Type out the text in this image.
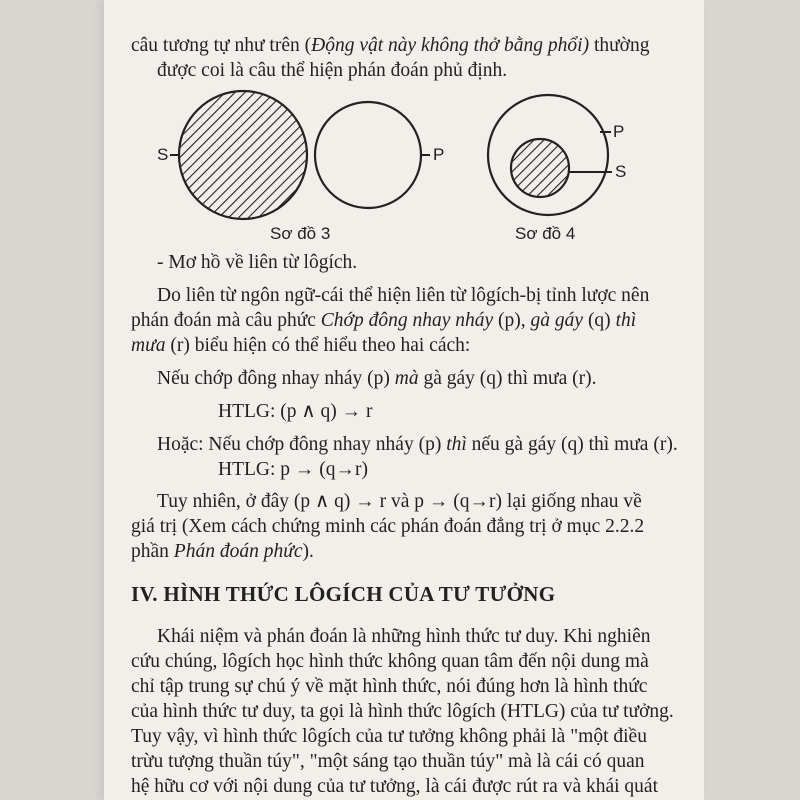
câu tương tự như trên (Động vật này không thở bằng phổi) thường

được coi là câu thể hiện phán đoán phủ định.

S	P
Sơ đồ 3
P
S
Sơ đồ 4

- Mơ hồ về liên từ lôgích.

Do liên từ ngôn ngữ-cái thể hiện liên từ lôgích-bị tỉnh lược nên

phán đoán mà câu phức Chớp đông nhay nháy (p), gà gáy (q) thì

mưa (r) biểu hiện có thể hiểu theo hai cách:

Nếu chớp đông nhay nháy (p) mà gà gáy (q) thì mưa (r).

HTLG: (p ∧ q) → r

Hoặc: Nếu chớp đông nhay nháy (p) thì nếu gà gáy (q) thì mưa (r).

HTLG: p → (q→r)

Tuy nhiên, ở đây (p ∧ q) → r và p → (q→r) lại giống nhau về

giá trị (Xem cách chứng minh các phán đoán đẳng trị ở mục 2.2.2

phần Phán đoán phức).

IV. HÌNH THỨC LÔGÍCH CỦA TƯ TƯỞNG

Khái niệm và phán đoán là những hình thức tư duy. Khi nghiên

cứu chúng, lôgích học hình thức không quan tâm đến nội dung mà

chỉ tập trung sự chú ý về mặt hình thức, nói đúng hơn là hình thức

của hình thức tư duy, ta gọi là hình thức lôgích (HTLG) của tư tưởng.

Tuy vậy, vì hình thức lôgích của tư tưởng không phải là "một điều

trừu tượng thuần túy", "một sáng tạo thuần túy" mà là cái có quan

hệ hữu cơ với nội dung của tư tưởng, là cái được rút ra và khái quát
